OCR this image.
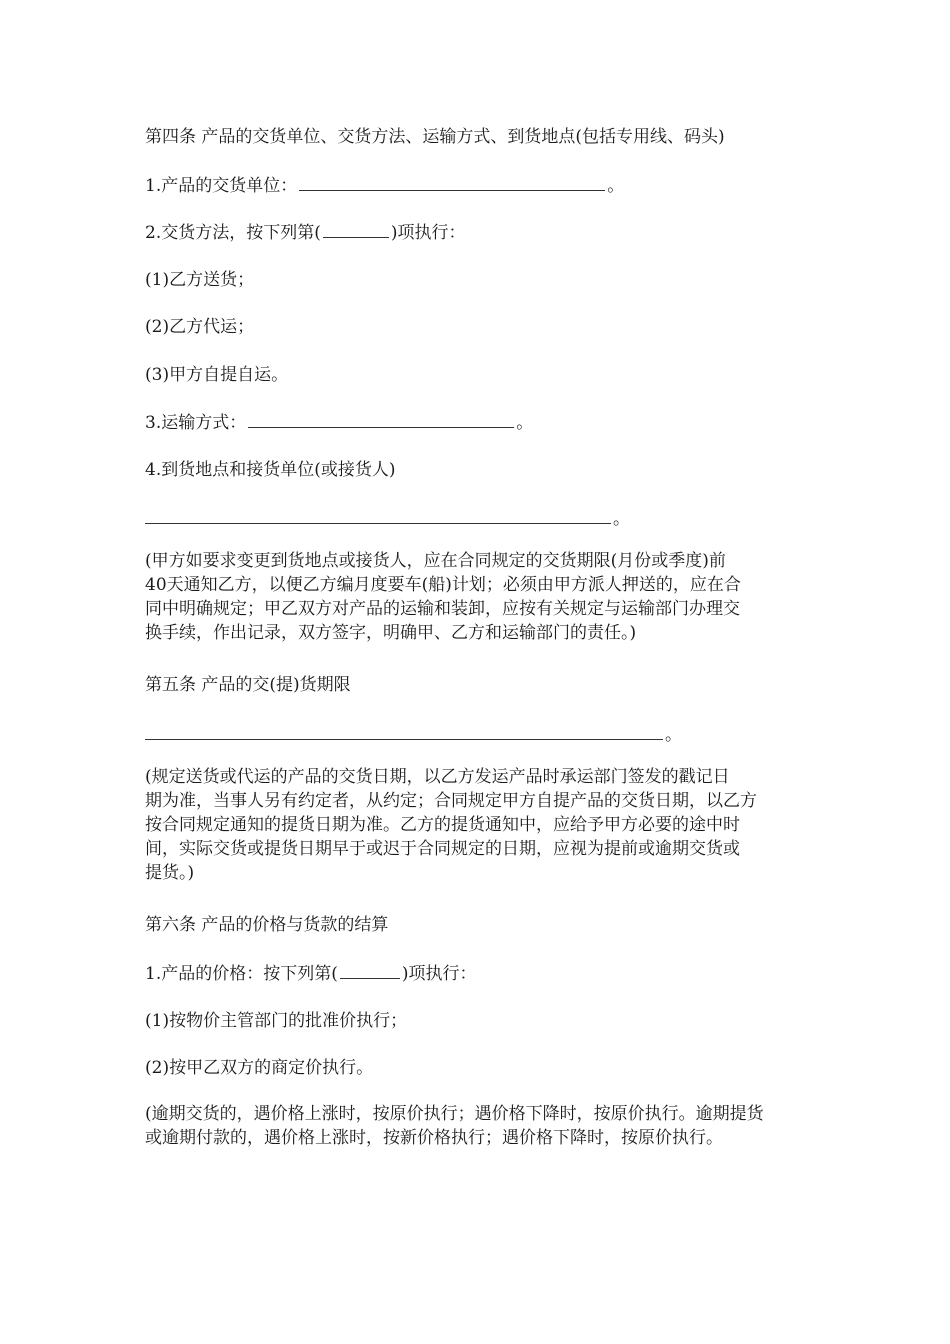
第四条 产品的交货单位、交货方法、运输方式、到货地点(包括专用线、码头)

1.产品的交货单位：	。

2.交货方法，按下列第(	)项执行：

(1)乙方送货；

(2)乙方代运；

(3)甲方自提自运。

3.运输方式：	。

4.到货地点和接货单位(或接货人)

。

(甲方如要求变更到货地点或接货人，应在合同规定的交货期限(月份或季度)前
40天通知乙方，以便乙方编月度要车(船)计划；必须由甲方派人押送的，应在合
同中明确规定；甲乙双方对产品的运输和装卸，应按有关规定与运输部门办理交
换手续，作出记录，双方签字，明确甲、乙方和运输部门的责任。)

第五条 产品的交(提)货期限

。

(规定送货或代运的产品的交货日期，以乙方发运产品时承运部门签发的戳记日
期为准，当事人另有约定者，从约定；合同规定甲方自提产品的交货日期，以乙方
按合同规定通知的提货日期为准。乙方的提货通知中，应给予甲方必要的途中时
间，实际交货或提货日期早于或迟于合同规定的日期，应视为提前或逾期交货或
提货。)

第六条 产品的价格与货款的结算

1.产品的价格：按下列第(	)项执行：

(1)按物价主管部门的批准价执行；

(2)按甲乙双方的商定价执行。

(逾期交货的，遇价格上涨时，按原价执行；遇价格下降时，按原价执行。逾期提货
或逾期付款的，遇价格上涨时，按新价格执行；遇价格下降时，按原价执行。
